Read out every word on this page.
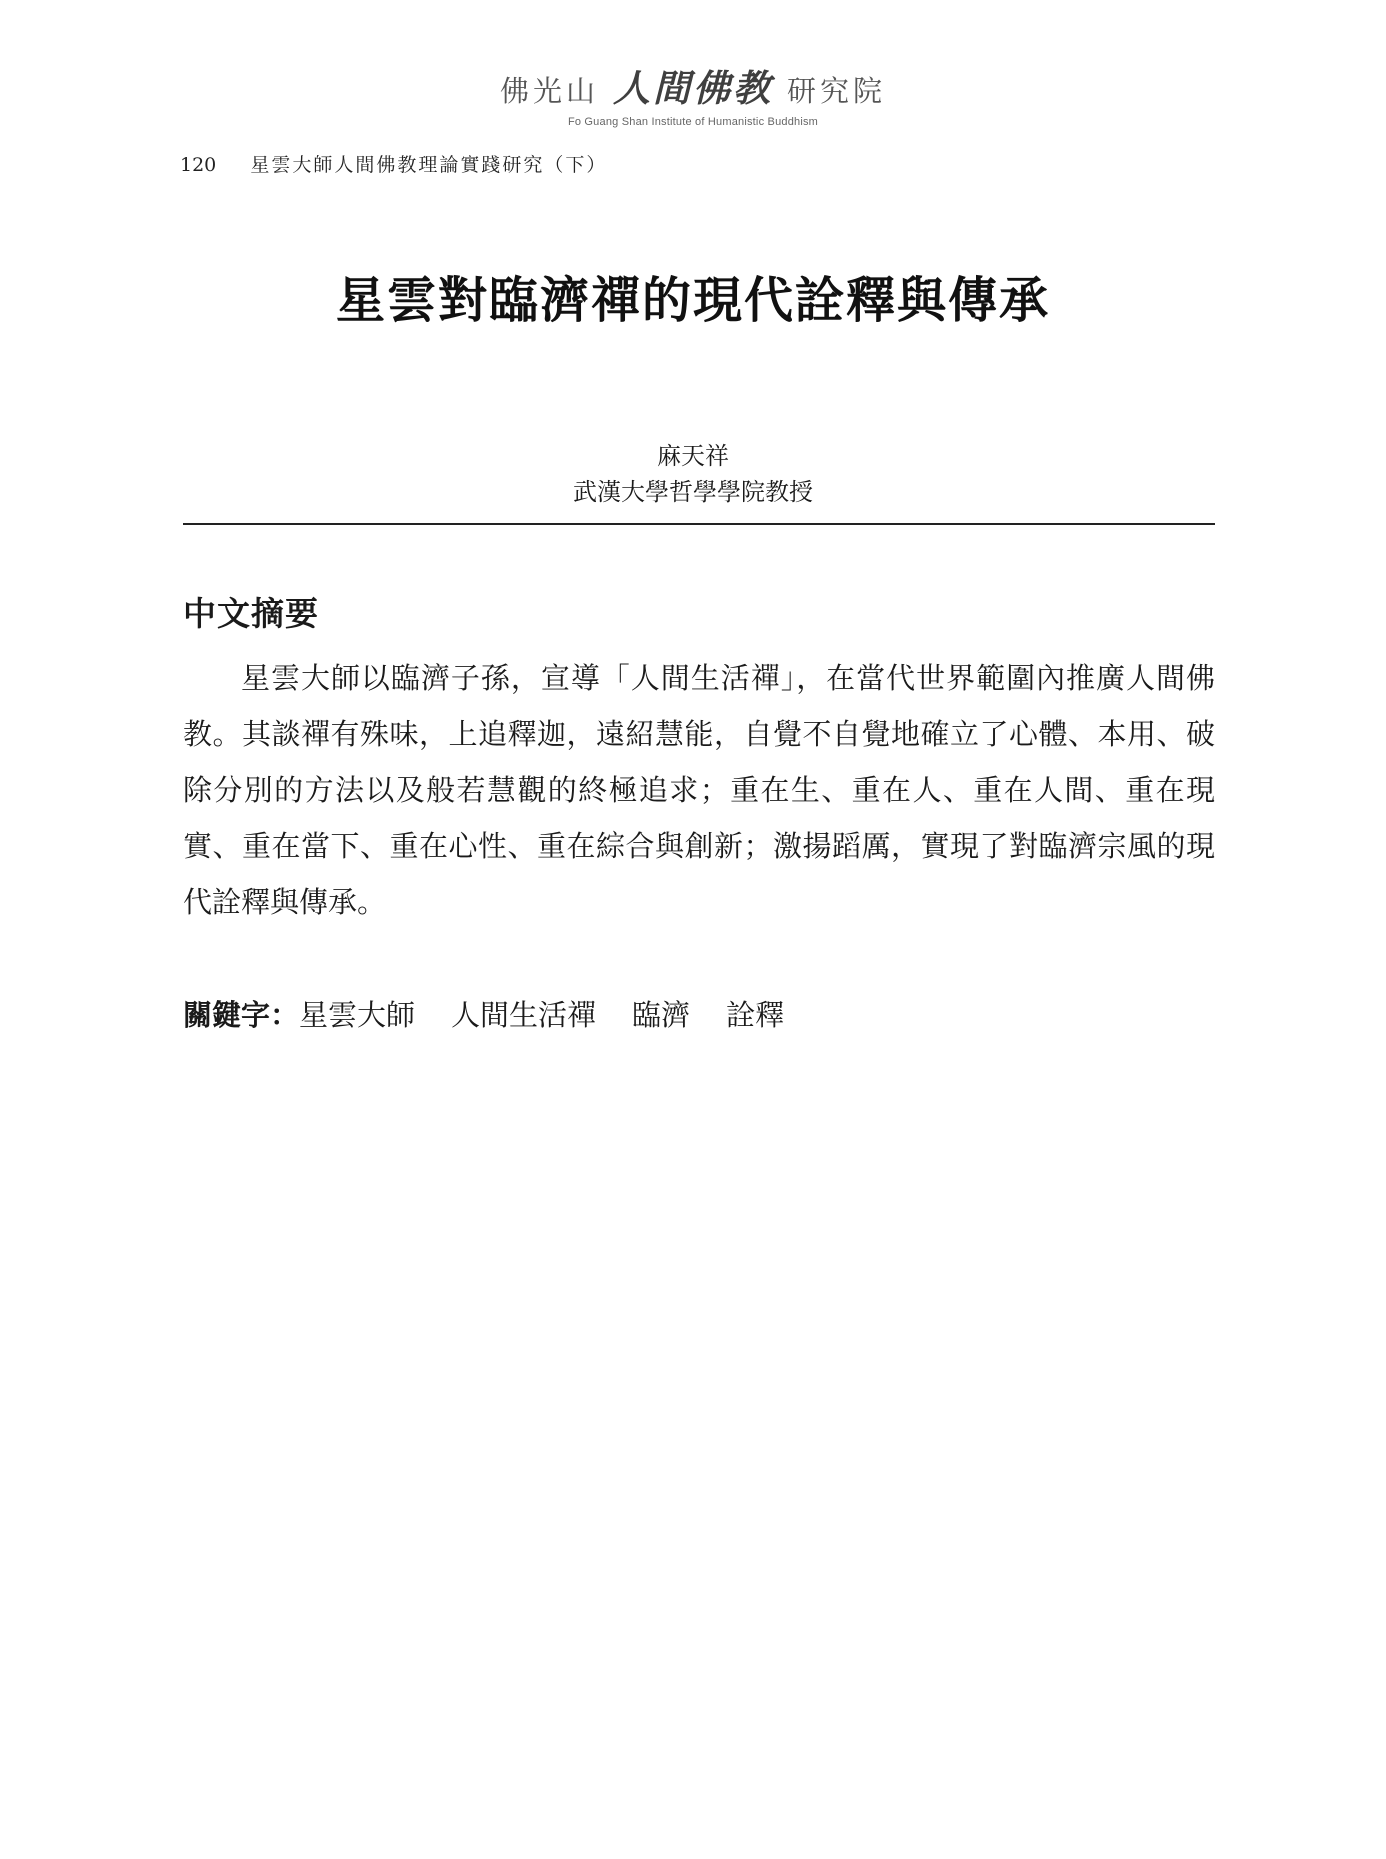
佛光山 人間佛教 研究院
Fo Guang Shan Institute of Humanistic Buddhism
120 星雲大師人間佛教理論實踐研究（下）
星雲對臨濟禪的現代詮釋與傳承
麻天祥
武漢大學哲學學院教授
中文摘要

星雲大師以臨濟子孫，宣導「人間生活禪」，在當代世界範圍內推廣人間佛教。其談禪有殊味，上追釋迦，遠紹慧能，自覺不自覺地確立了心體、本用、破除分別的方法以及般若慧觀的終極追求；重在生、重在人、重在人間、重在現實、重在當下、重在心性、重在綜合與創新；激揚蹈厲，實現了對臨濟宗風的現代詮釋與傳承。

關鍵字：星雲大師 人間生活禪 臨濟 詮釋
